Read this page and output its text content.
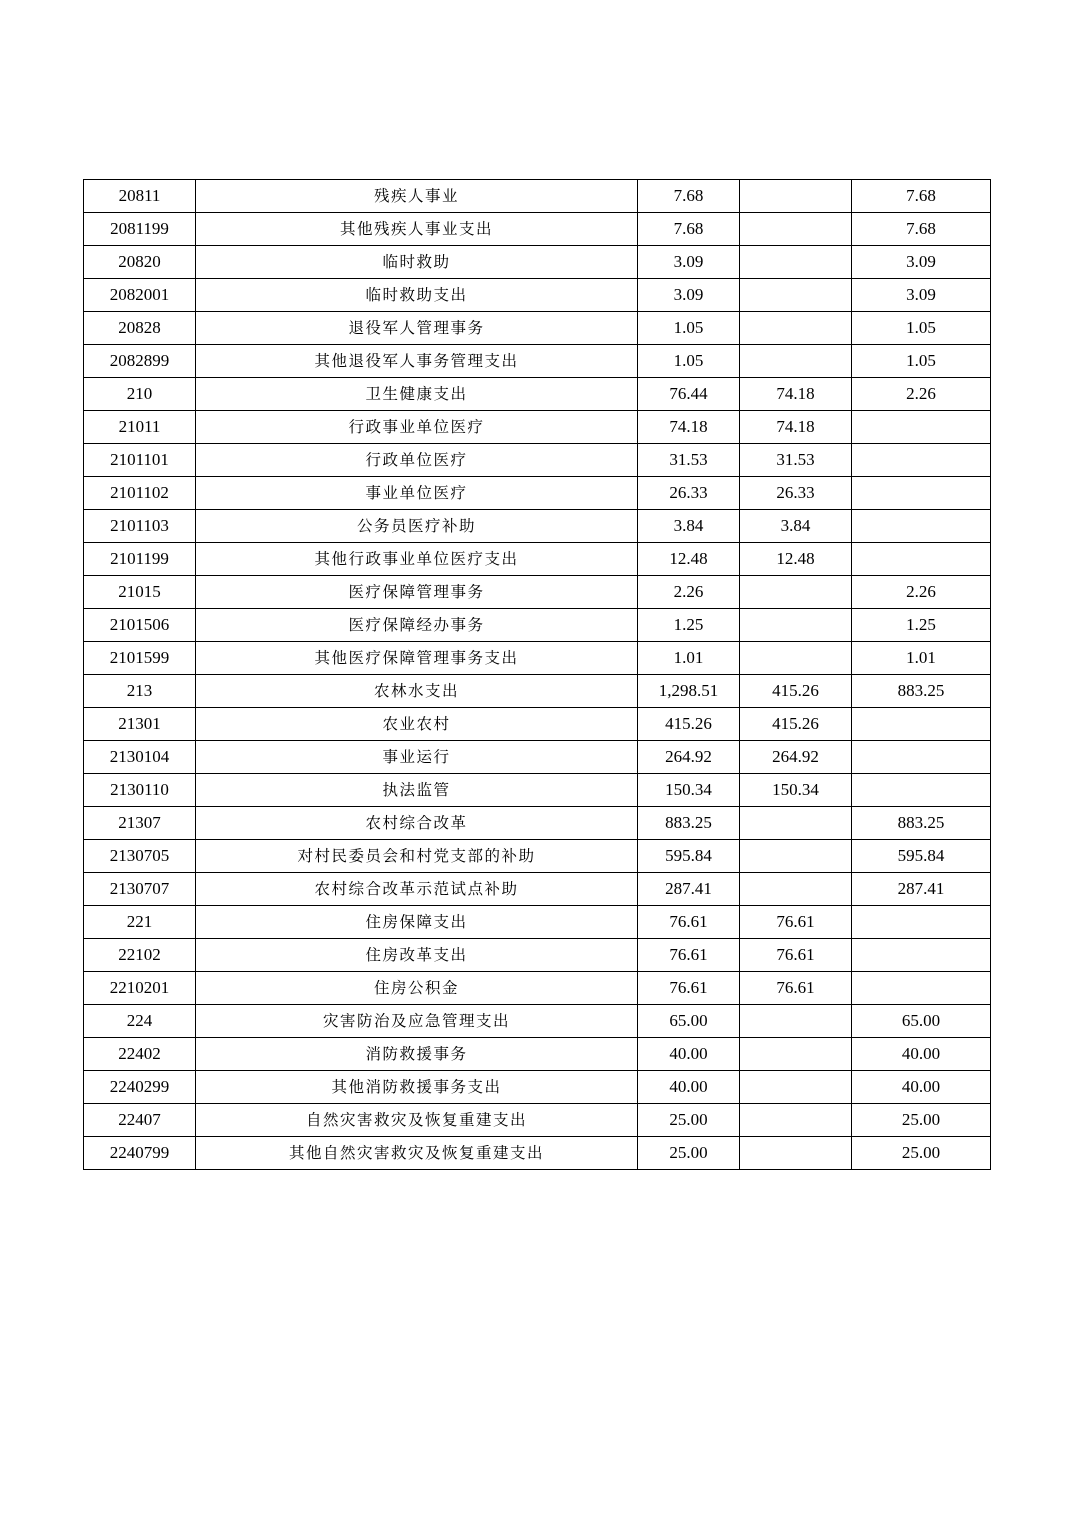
20811	残疾人事业	7.68		7.68
2081199	其他残疾人事业支出	7.68		7.68
20820	临时救助	3.09		3.09
2082001	临时救助支出	3.09		3.09
20828	退役军人管理事务	1.05		1.05
2082899	其他退役军人事务管理支出	1.05		1.05
210	卫生健康支出	76.44	74.18	2.26
21011	行政事业单位医疗	74.18	74.18	
2101101	行政单位医疗	31.53	31.53	
2101102	事业单位医疗	26.33	26.33	
2101103	公务员医疗补助	3.84	3.84	
2101199	其他行政事业单位医疗支出	12.48	12.48	
21015	医疗保障管理事务	2.26		2.26
2101506	医疗保障经办事务	1.25		1.25
2101599	其他医疗保障管理事务支出	1.01		1.01
213	农林水支出	1,298.51	415.26	883.25
21301	农业农村	415.26	415.26	
2130104	事业运行	264.92	264.92	
2130110	执法监管	150.34	150.34	
21307	农村综合改革	883.25		883.25
2130705	对村民委员会和村党支部的补助	595.84		595.84
2130707	农村综合改革示范试点补助	287.41		287.41
221	住房保障支出	76.61	76.61	
22102	住房改革支出	76.61	76.61	
2210201	住房公积金	76.61	76.61	
224	灾害防治及应急管理支出	65.00		65.00
22402	消防救援事务	40.00		40.00
2240299	其他消防救援事务支出	40.00		40.00
22407	自然灾害救灾及恢复重建支出	25.00		25.00
2240799	其他自然灾害救灾及恢复重建支出	25.00		25.00
